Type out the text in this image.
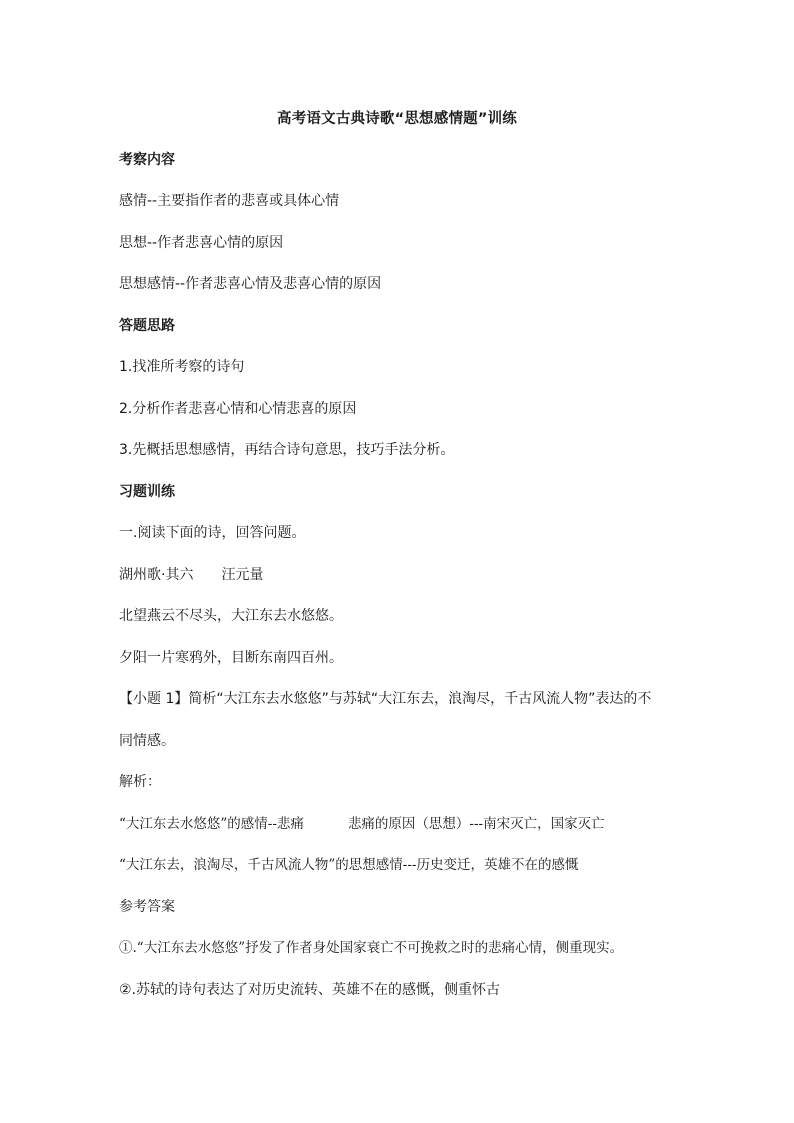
高考语文古典诗歌“思想感情题”训练
考察内容
感情--主要指作者的悲喜或具体心情
思想--作者悲喜心情的原因
思想感情--作者悲喜心情及悲喜心情的原因
答题思路
1.找准所考察的诗句
2.分析作者悲喜心情和心情悲喜的原因
3.先概括思想感情，再结合诗句意思，技巧手法分析。
习题训练
一.阅读下面的诗，回答问题。
湖州歌·其六 汪元量
北望燕云不尽头，大江东去水悠悠。
夕阳一片寒鸦外，目断东南四百州。
【小题 1】简析“大江东去水悠悠”与苏轼“大江东去，浪淘尽，千古风流人物”表达的不
同情感。
解析：
“大江东去水悠悠”的感情--悲痛	悲痛的原因（思想）---南宋灭亡，国家灭亡
“大江东去，浪淘尽，千古风流人物”的思想感情---历史变迁，英雄不在的感慨
参考答案
①.“大江东去水悠悠”抒发了作者身处国家衰亡不可挽救之时的悲痛心情，侧重现实。
②.苏轼的诗句表达了对历史流转、英雄不在的感慨，侧重怀古
